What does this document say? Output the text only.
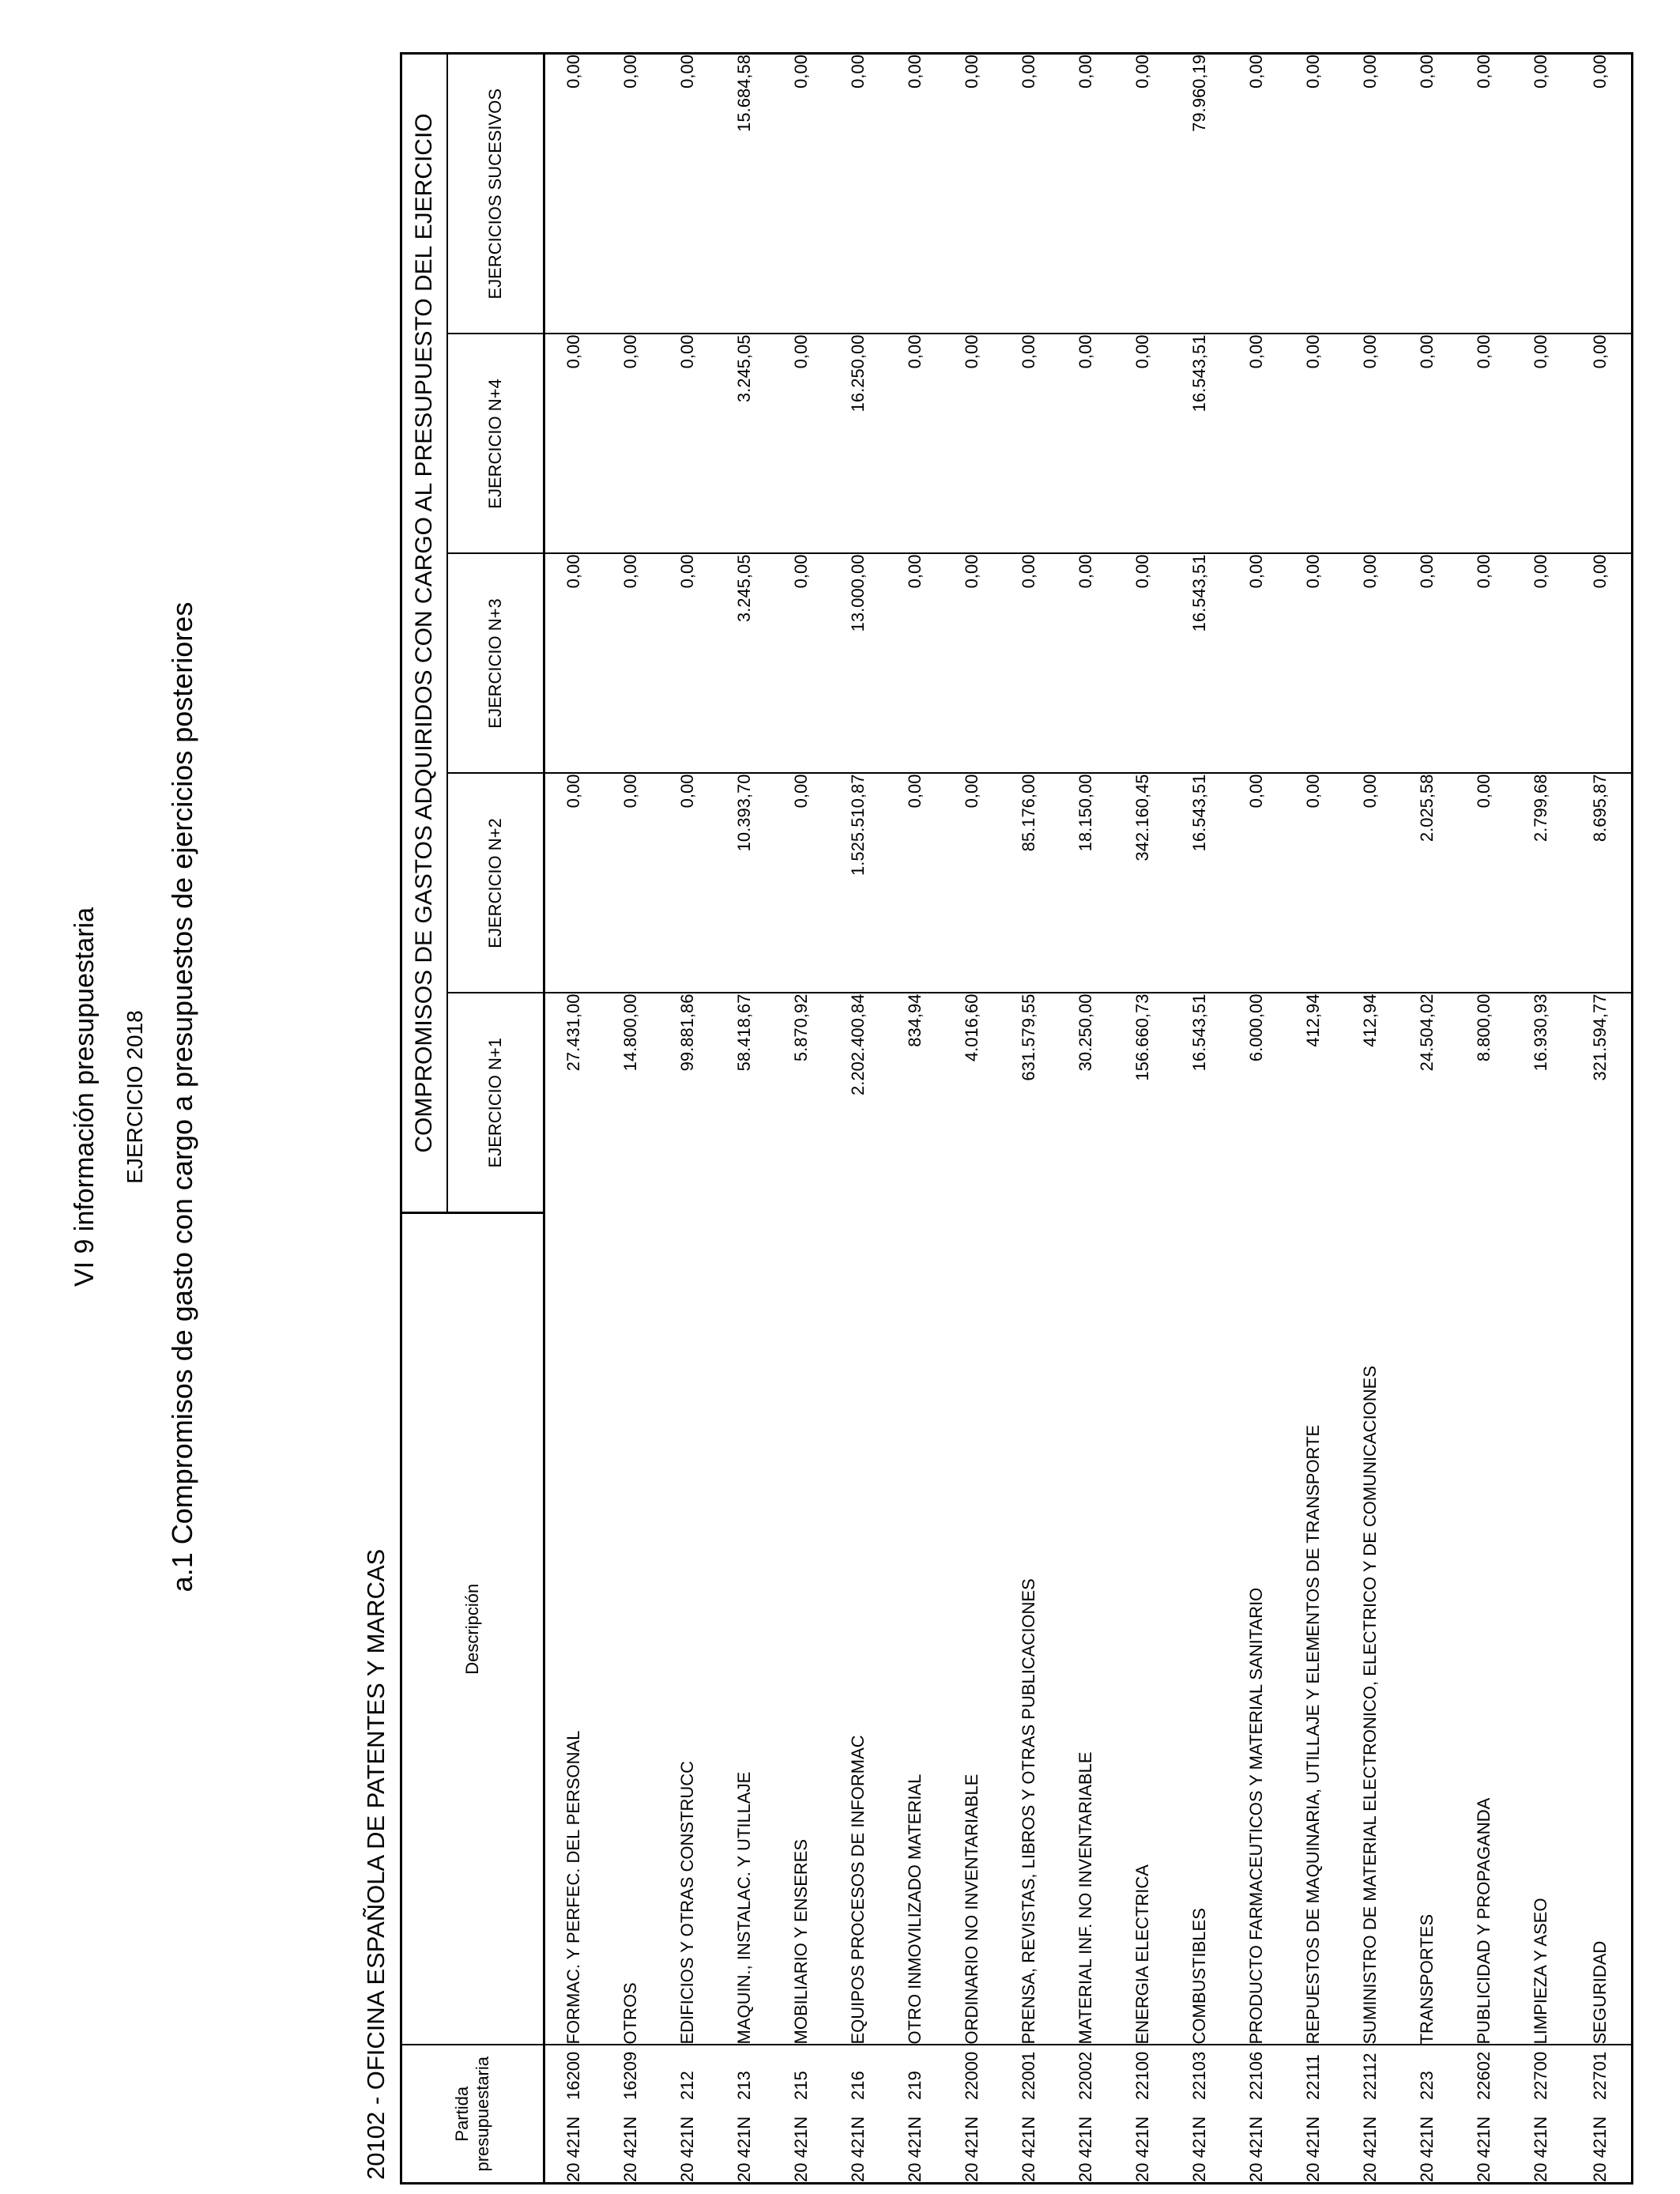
VI 9 información presupuestaria EJERCICIO 2018 a.1 Compromisos de gasto con cargo a presupuestos de ejercicios posteriores
20102 - OFICINA ESPAÑOLA DE PATENTES Y MARCAS	Partida presupuestaria	Descripción	COMPROMISOS DE GASTOS ADQUIRIDOS CON CARGO AL PRESUPUESTO DEL EJERCICIO				
		EJERCICIO N+1	EJERCICIO N+2	EJERCICIO N+3	EJERCICIO N+4	EJERCICIOS SUCESIVOS
20 421N16200	FORMAC. Y PERFEC. DEL PERSONAL	27.431,00	0,00	0,00	0,00	0,00
20 421N16209	OTROS	14.800,00	0,00	0,00	0,00	0,00
20 421N212	EDIFICIOS Y OTRAS CONSTRUCC	99.881,86	0,00	0,00	0,00	0,00
20 421N213	MAQUIN., INSTALAC. Y UTILLAJE	58.418,67	10.393,70	3.245,05	3.245,05	15.684,58
20 421N215	MOBILIARIO Y ENSERES	5.870,92	0,00	0,00	0,00	0,00
20 421N216	EQUIPOS PROCESOS DE INFORMAC	2.202.400,84	1.525.510,87	13.000,00	16.250,00	0,00
20 421N219	OTRO INMOVILIZADO MATERIAL	834,94	0,00	0,00	0,00	0,00
20 421N22000	ORDINARIO NO INVENTARIABLE	4.016,60	0,00	0,00	0,00	0,00
20 421N22001	PRENSA, REVISTAS, LIBROS Y OTRAS PUBLICACIONES	631.579,55	85.176,00	0,00	0,00	0,00
20 421N22002	MATERIAL INF. NO INVENTARIABLE	30.250,00	18.150,00	0,00	0,00	0,00
20 421N22100	ENERGIA ELECTRICA	156.660,73	342.160,45	0,00	0,00	0,00
20 421N22103	COMBUSTIBLES	16.543,51	16.543,51	16.543,51	16.543,51	79.960,19
20 421N22106	PRODUCTO FARMACEUTICOS Y MATERIAL SANITARIO	6.000,00	0,00	0,00	0,00	0,00
20 421N22111	REPUESTOS DE MAQUINARIA, UTILLAJE Y ELEMENTOS DE TRANSPORTE	412,94	0,00	0,00	0,00	0,00
20 421N22112	SUMINISTRO DE MATERIAL ELECTRONICO, ELECTRICO Y DE COMUNICACIONES	412,94	0,00	0,00	0,00	0,00
20 421N223	TRANSPORTES	24.504,02	2.025,58	0,00	0,00	0,00
20 421N22602	PUBLICIDAD Y PROPAGANDA	8.800,00	0,00	0,00	0,00	0,00
20 421N22700	LIMPIEZA Y ASEO	16.930,93	2.799,68	0,00	0,00	0,00
20 421N22701	SEGURIDAD	321.594,77	8.695,87	0,00	0,00	0,00
